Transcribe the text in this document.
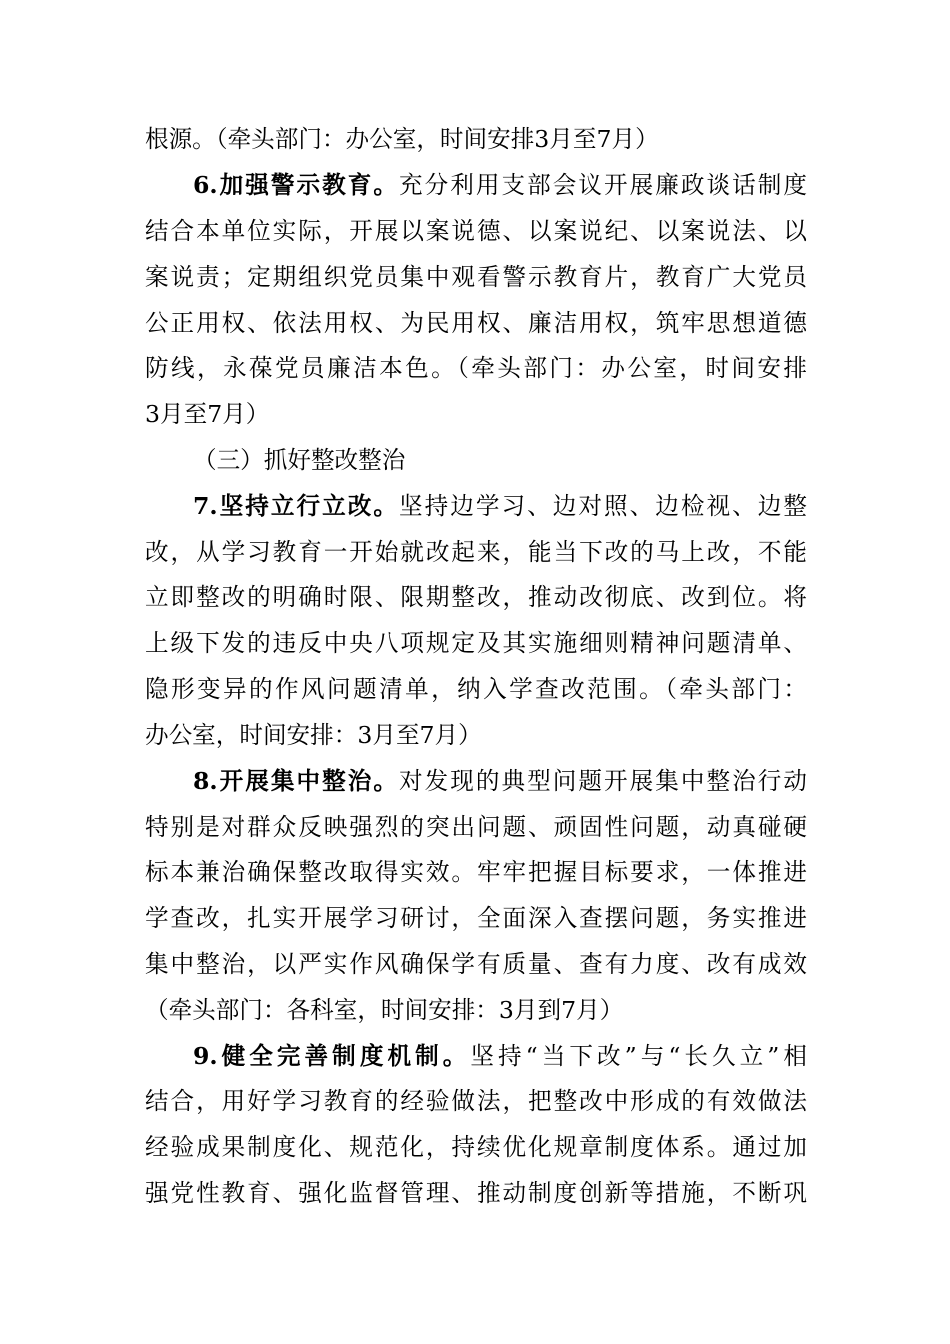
根源。（牵头部门：办公室，时间安排3月至7月）
6.加强警示教育。充分利用支部会议开展廉政谈话制度
结合本单位实际，开展以案说德、以案说纪、以案说法、以
案说责；定期组织党员集中观看警示教育片，教育广大党员
公正用权、依法用权、为民用权、廉洁用权，筑牢思想道德
防线，永葆党员廉洁本色。（牵头部门：办公室，时间安排
3月至7月）
（三）抓好整改整治
7.坚持立行立改。坚持边学习、边对照、边检视、边整
改，从学习教育一开始就改起来，能当下改的马上改，不能
立即整改的明确时限、限期整改，推动改彻底、改到位。将
上级下发的违反中央八项规定及其实施细则精神问题清单、
隐形变异的作风问题清单，纳入学查改范围。（牵头部门：
办公室，时间安排：3月至7月）
8.开展集中整治。对发现的典型问题开展集中整治行动
特别是对群众反映强烈的突出问题、顽固性问题，动真碰硬
标本兼治确保整改取得实效。牢牢把握目标要求，一体推进
学查改，扎实开展学习研讨，全面深入查摆问题，务实推进
集中整治，以严实作风确保学有质量、查有力度、改有成效
（牵头部门：各科室，时间安排：3月到7月）
9.健全完善制度机制。坚持“当下改”与“长久立”相
结合，用好学习教育的经验做法，把整改中形成的有效做法
经验成果制度化、规范化，持续优化规章制度体系。通过加
强党性教育、强化监督管理、推动制度创新等措施，不断巩
